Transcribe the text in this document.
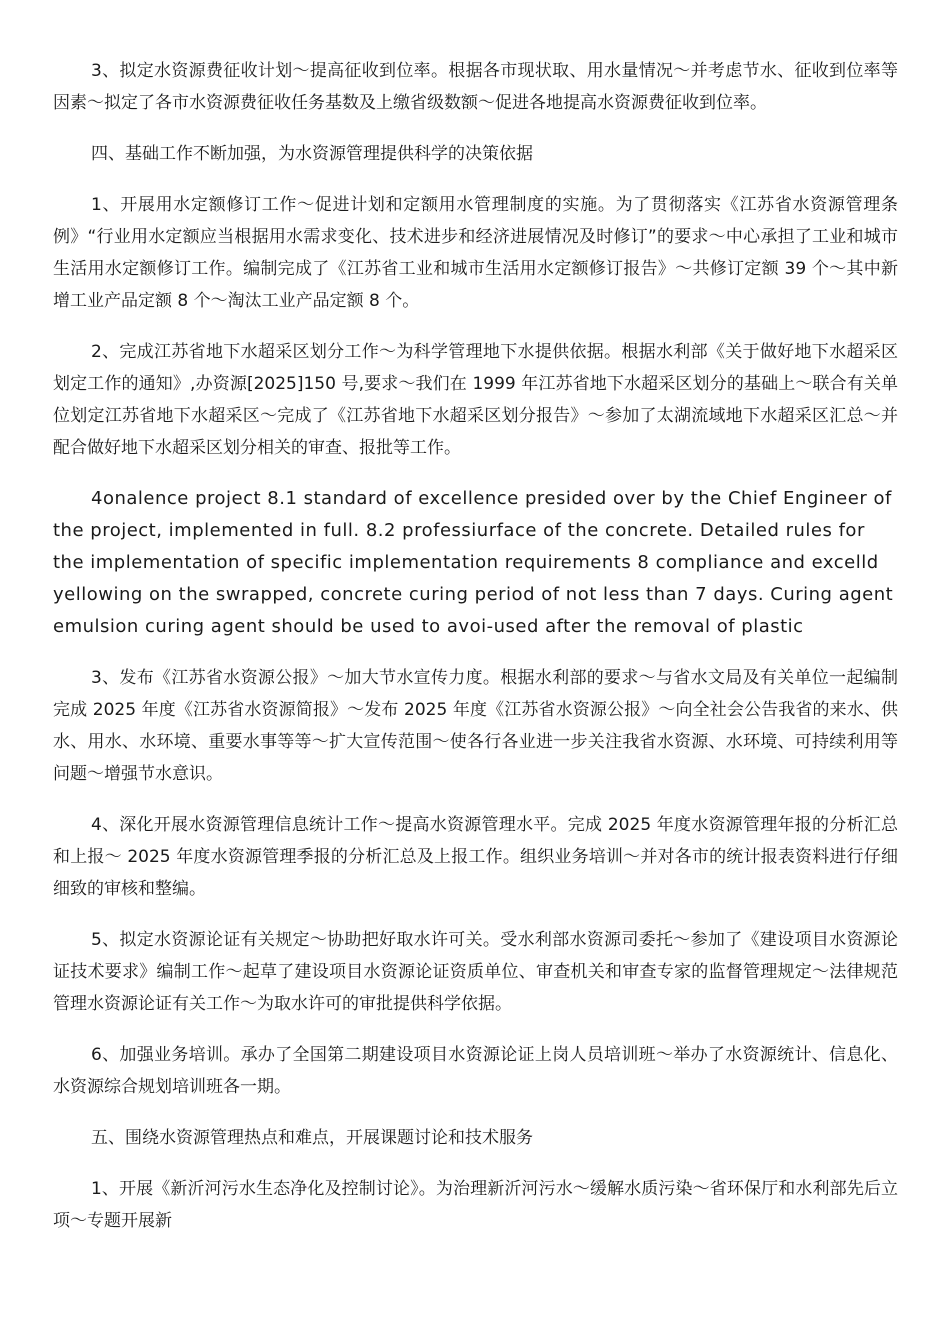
3、拟定水资源费征收计划～提高征收到位率。根据各市现状取、用水量情况～并考虑节水、征收到位率等因素～拟定了各市水资源费征收任务基数及上缴省级数额～促进各地提高水资源费征收到位率。

四、基础工作不断加强，为水资源管理提供科学的决策依据

1、开展用水定额修订工作～促进计划和定额用水管理制度的实施。为了贯彻落实《江苏省水资源管理条例》“行业用水定额应当根据用水需求变化、技术进步和经济进展情况及时修订”的要求～中心承担了工业和城市生活用水定额修订工作。编制完成了《江苏省工业和城市生活用水定额修订报告》～共修订定额 39 个～其中新增工业产品定额 8 个～淘汰工业产品定额 8 个。

2、完成江苏省地下水超采区划分工作～为科学管理地下水提供依据。根据水利部《关于做好地下水超采区划定工作的通知》,办资源[2025]150 号,要求～我们在 1999 年江苏省地下水超采区划分的基础上～联合有关单位划定江苏省地下水超采区～完成了《江苏省地下水超采区划分报告》～参加了太湖流域地下水超采区汇总～并配合做好地下水超采区划分相关的审查、报批等工作。

4onalence project 8.1 standard of excellence presided over by the Chief Engineer of the project, implemented in full. 8.2 professiurface of the concrete. Detailed rules for the implementation of specific implementation requirements 8 compliance and excelld yellowing on the swrapped, concrete curing period of not less than 7 days. Curing agent emulsion curing agent should be used to avoi-used after the removal of plastic

3、发布《江苏省水资源公报》～加大节水宣传力度。根据水利部的要求～与省水文局及有关单位一起编制完成 2025 年度《江苏省水资源简报》～发布 2025 年度《江苏省水资源公报》～向全社会公告我省的来水、供水、用水、水环境、重要水事等等～扩大宣传范围～使各行各业进一步关注我省水资源、水环境、可持续利用等问题～增强节水意识。

4、深化开展水资源管理信息统计工作～提高水资源管理水平。完成 2025 年度水资源管理年报的分析汇总和上报～ 2025 年度水资源管理季报的分析汇总及上报工作。组织业务培训～并对各市的统计报表资料进行仔细细致的审核和整编。

5、拟定水资源论证有关规定～协助把好取水许可关。受水利部水资源司委托～参加了《建设项目水资源论证技术要求》编制工作～起草了建设项目水资源论证资质单位、审查机关和审查专家的监督管理规定～法律规范管理水资源论证有关工作～为取水许可的审批提供科学依据。

6、加强业务培训。承办了全国第二期建设项目水资源论证上岗人员培训班～举办了水资源统计、信息化、水资源综合规划培训班各一期。

五、围绕水资源管理热点和难点，开展课题讨论和技术服务

1、开展《新沂河污水生态净化及控制讨论》。为治理新沂河污水～缓解水质污染～省环保厅和水利部先后立项～专题开展新
